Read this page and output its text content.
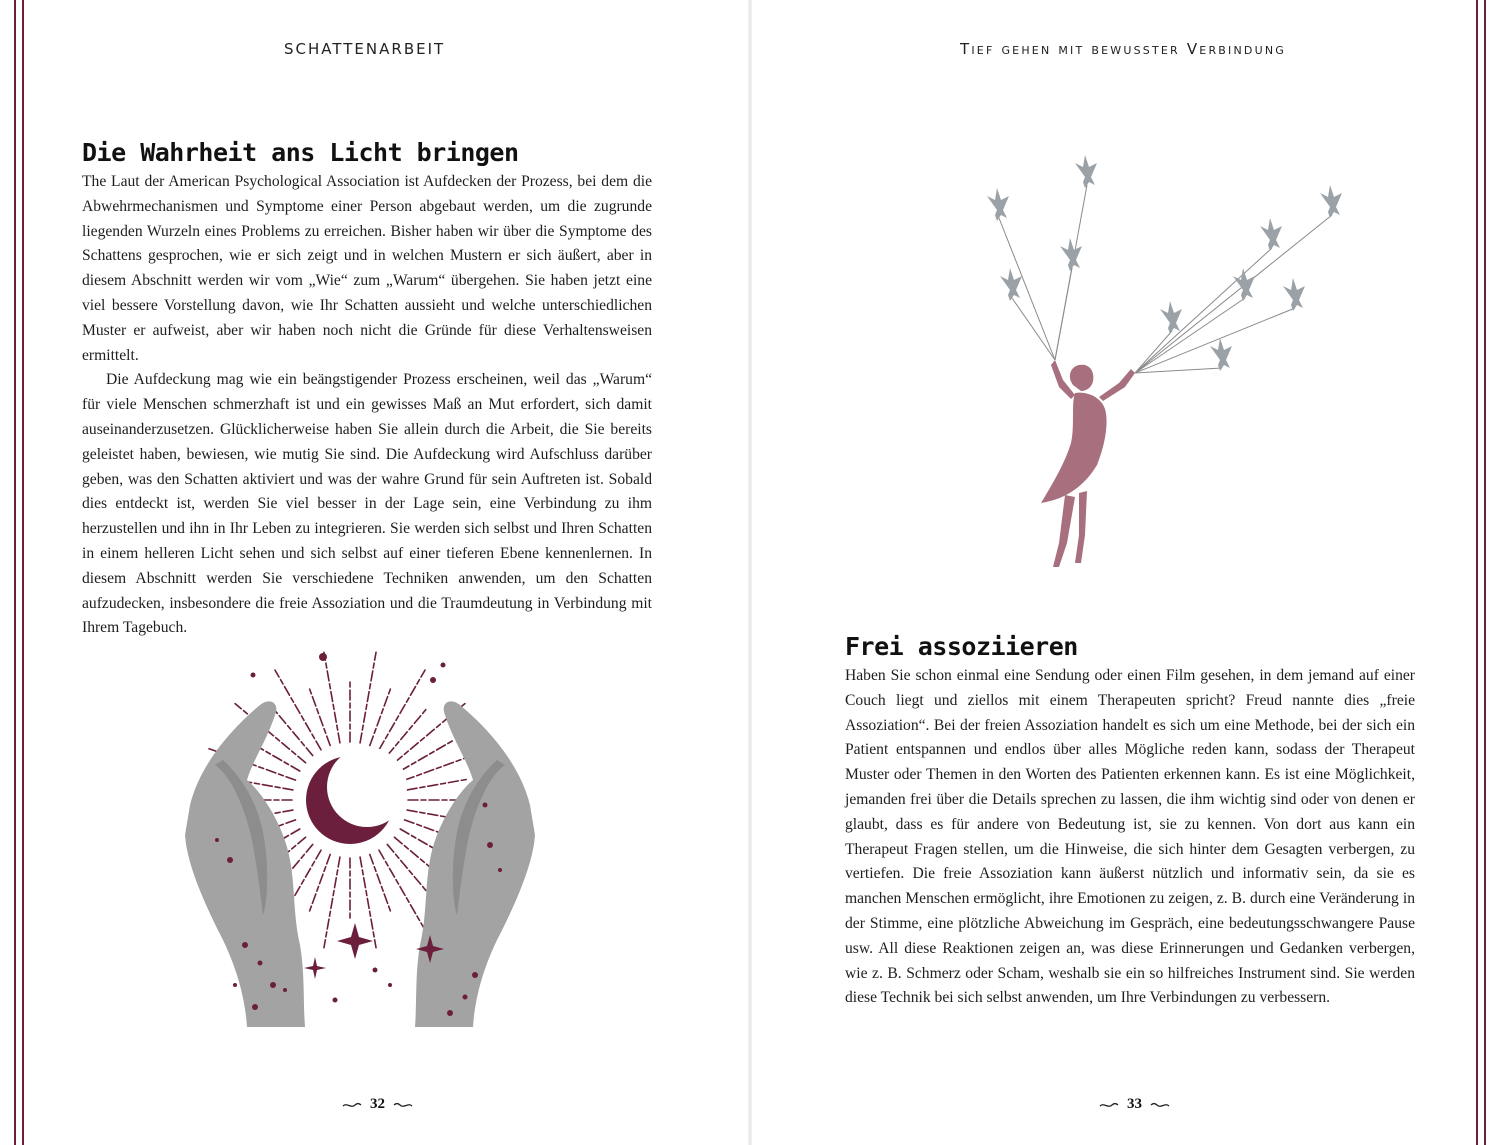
SCHATTENARBEIT
Die Wahrheit ans Licht bringen

The Laut der American Psychological Association ist Aufdecken der Prozess, bei dem die Abwehrmechanismen und Symptome einer Person abgebaut werden, um die zugrunde liegenden Wurzeln eines Problems zu erreichen. Bisher haben wir über die Symptome des Schattens gesprochen, wie er sich zeigt und in welchen Mustern er sich äußert, aber in diesem Abschnitt werden wir vom „Wie“ zum „Warum“ übergehen. Sie haben jetzt eine viel bessere Vorstellung davon, wie Ihr Schatten aussieht und welche unterschiedlichen Muster er aufweist, aber wir haben noch nicht die Gründe für diese Verhaltensweisen ermittelt.

Die Aufdeckung mag wie ein beängstigender Prozess erscheinen, weil das „Warum“ für viele Menschen schmerzhaft ist und ein gewisses Maß an Mut erfordert, sich damit auseinanderzusetzen. Glücklicherweise haben Sie allein durch die Arbeit, die Sie bereits geleistet haben, bewiesen, wie mutig Sie sind. Die Aufdeckung wird Aufschluss darüber geben, was den Schatten aktiviert und was der wahre Grund für sein Auftreten ist. Sobald dies entdeckt ist, werden Sie viel besser in der Lage sein, eine Verbindung zu ihm herzustellen und ihn in Ihr Leben zu integrieren. Sie werden sich selbst und Ihren Schatten in einem helleren Licht sehen und sich selbst auf einer tieferen Ebene kennenlernen. In diesem Abschnitt werden Sie verschiedene Techniken anwenden, um den Schatten aufzudecken, insbesondere die freie Assoziation und die Traumdeutung in Verbindung mit Ihrem Tagebuch.

32
Tief gehen mit bewusster Verbindung
Frei assoziieren

Haben Sie schon einmal eine Sendung oder einen Film gesehen, in dem jemand auf einer Couch liegt und ziellos mit einem Therapeuten spricht? Freud nannte dies „freie Assoziation“. Bei der freien Assoziation handelt es sich um eine Methode, bei der sich ein Patient entspannen und endlos über alles Mögliche reden kann, sodass der Therapeut Muster oder Themen in den Worten des Patienten erkennen kann. Es ist eine Möglichkeit, jemanden frei über die Details sprechen zu lassen, die ihm wichtig sind oder von denen er glaubt, dass es für andere von Bedeutung ist, sie zu kennen. Von dort aus kann ein Therapeut Fragen stellen, um die Hinweise, die sich hinter dem Gesagten verbergen, zu vertiefen. Die freie Assoziation kann äußerst nützlich und informativ sein, da sie es manchen Menschen ermöglicht, ihre Emotionen zu zeigen, z. B. durch eine Veränderung in der Stimme, eine plötzliche Abweichung im Gespräch, eine bedeutungsschwangere Pause usw. All diese Reaktionen zeigen an, was diese Erinnerungen und Gedanken verbergen, wie z. B. Schmerz oder Scham, weshalb sie ein so hilfreiches Instrument sind. Sie werden diese Technik bei sich selbst anwenden, um Ihre Verbindungen zu verbessern.

33
